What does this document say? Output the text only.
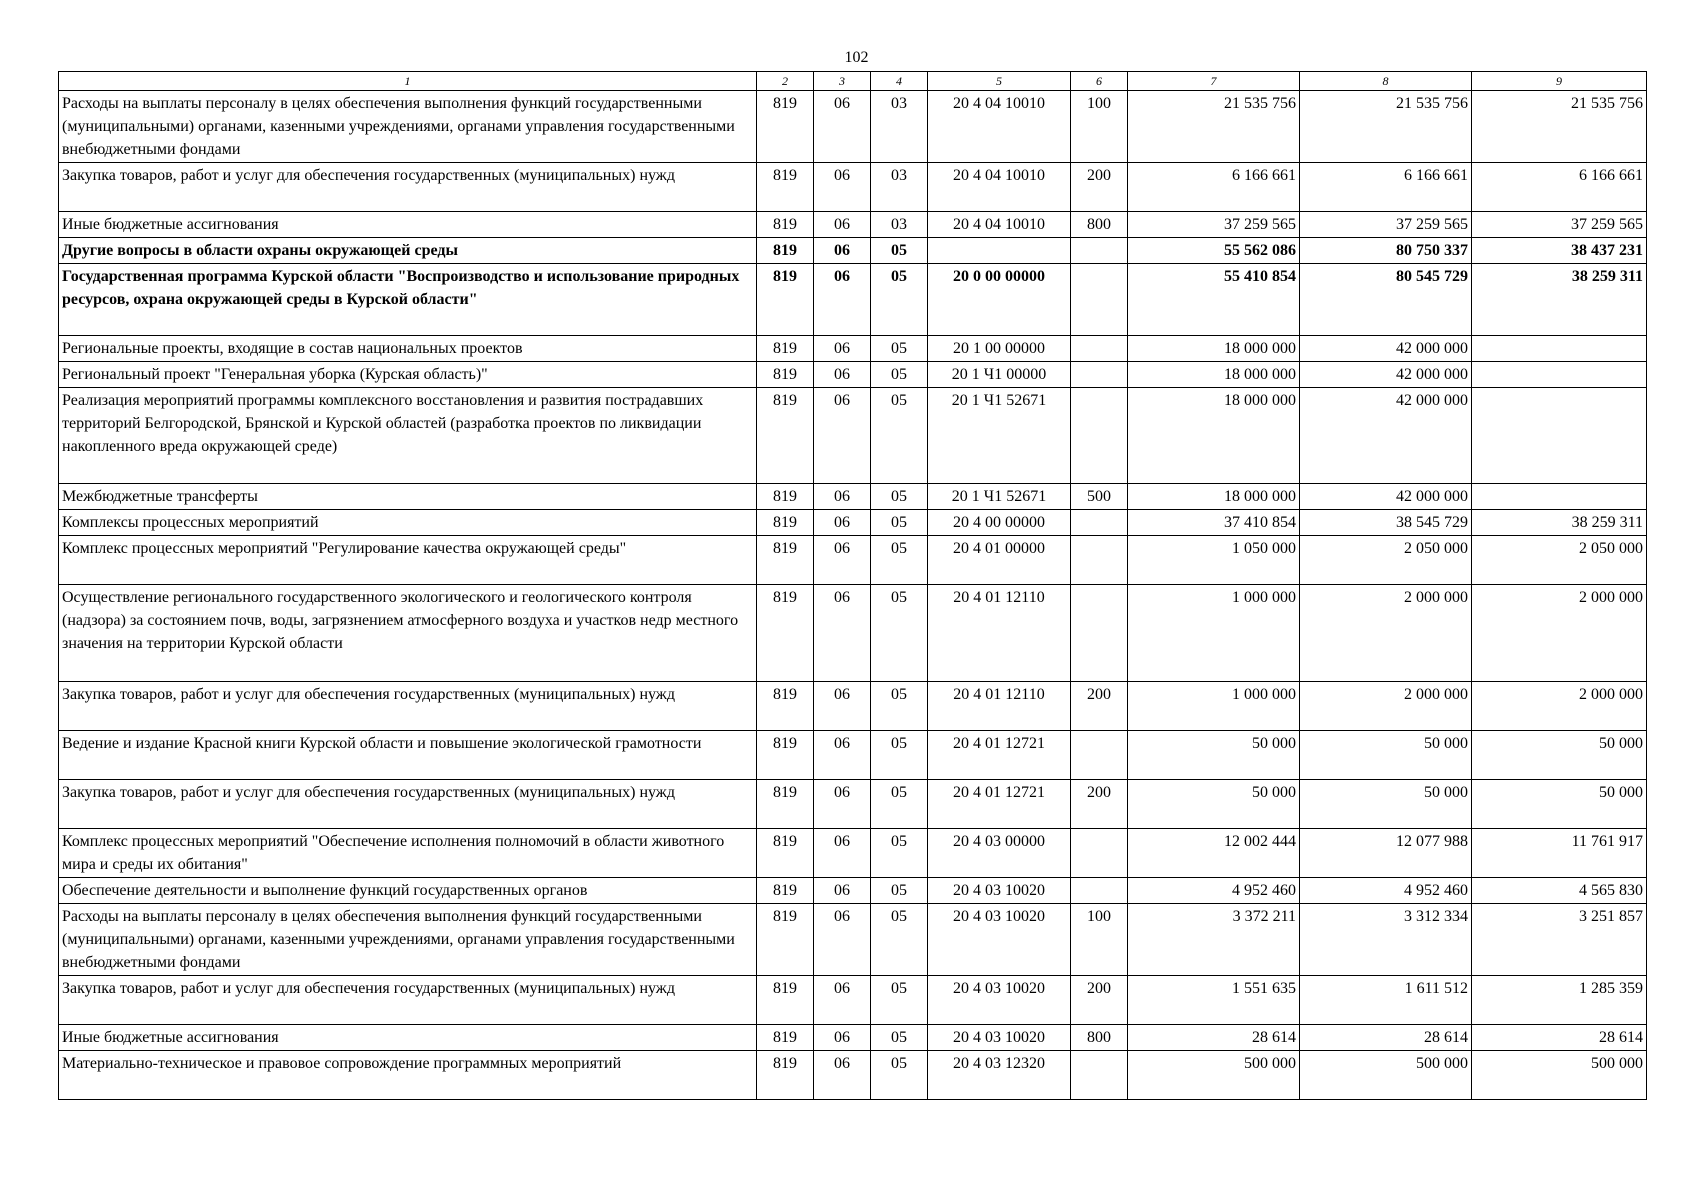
102
1	2	3	4	5	6	7	8	9
Расходы на выплаты персоналу в целях обеспечения выполнения функций государственными (муниципальными) органами, казенными учреждениями, органами управления государственными внебюджетными фондами	819	06	03	20 4 04 10010	100	21 535 756	21 535 756	21 535 756
Закупка товаров, работ и услуг для обеспечения государственных (муниципальных) нужд	819	06	03	20 4 04 10010	200	6 166 661	6 166 661	6 166 661
Иные бюджетные ассигнования	819	06	03	20 4 04 10010	800	37 259 565	37 259 565	37 259 565
Другие вопросы в области охраны окружающей среды	819	06	05			55 562 086	80 750 337	38 437 231
Государственная программа Курской области "Воспроизводство и использование природных ресурсов, охрана окружающей среды в Курской области"	819	06	05	20 0 00 00000		55 410 854	80 545 729	38 259 311
Региональные проекты, входящие в состав национальных проектов	819	06	05	20 1 00 00000		18 000 000	42 000 000	
Региональный проект "Генеральная уборка (Курская область)"	819	06	05	20 1 Ч1 00000		18 000 000	42 000 000	
Реализация мероприятий программы комплексного восстановления и развития пострадавших территорий Белгородской, Брянской и Курской областей (разработка проектов по ликвидации накопленного вреда окружающей среде)	819	06	05	20 1 Ч1 52671		18 000 000	42 000 000	
Межбюджетные трансферты	819	06	05	20 1 Ч1 52671	500	18 000 000	42 000 000	
Комплексы процессных мероприятий	819	06	05	20 4 00 00000		37 410 854	38 545 729	38 259 311
Комплекс процессных мероприятий "Регулирование качества окружающей среды"	819	06	05	20 4 01 00000		1 050 000	2 050 000	2 050 000
Осуществление регионального государственного экологического и геологического контроля (надзора) за состоянием почв, воды, загрязнением атмосферного воздуха и участков недр местного значения на территории Курской области	819	06	05	20 4 01 12110		1 000 000	2 000 000	2 000 000
Закупка товаров, работ и услуг для обеспечения государственных (муниципальных) нужд	819	06	05	20 4 01 12110	200	1 000 000	2 000 000	2 000 000
Ведение и издание Красной книги Курской области и повышение экологической грамотности	819	06	05	20 4 01 12721		50 000	50 000	50 000
Закупка товаров, работ и услуг для обеспечения государственных (муниципальных) нужд	819	06	05	20 4 01 12721	200	50 000	50 000	50 000
Комплекс процессных мероприятий "Обеспечение исполнения полномочий в области животного мира и среды их обитания"	819	06	05	20 4 03 00000		12 002 444	12 077 988	11 761 917
Обеспечение деятельности и выполнение функций государственных органов	819	06	05	20 4 03 10020		4 952 460	4 952 460	4 565 830
Расходы на выплаты персоналу в целях обеспечения выполнения функций государственными (муниципальными) органами, казенными учреждениями, органами управления государственными внебюджетными фондами	819	06	05	20 4 03 10020	100	3 372 211	3 312 334	3 251 857
Закупка товаров, работ и услуг для обеспечения государственных (муниципальных) нужд	819	06	05	20 4 03 10020	200	1 551 635	1 611 512	1 285 359
Иные бюджетные ассигнования	819	06	05	20 4 03 10020	800	28 614	28 614	28 614
Материально-техническое и правовое сопровождение программных мероприятий	819	06	05	20 4 03 12320		500 000	500 000	500 000
